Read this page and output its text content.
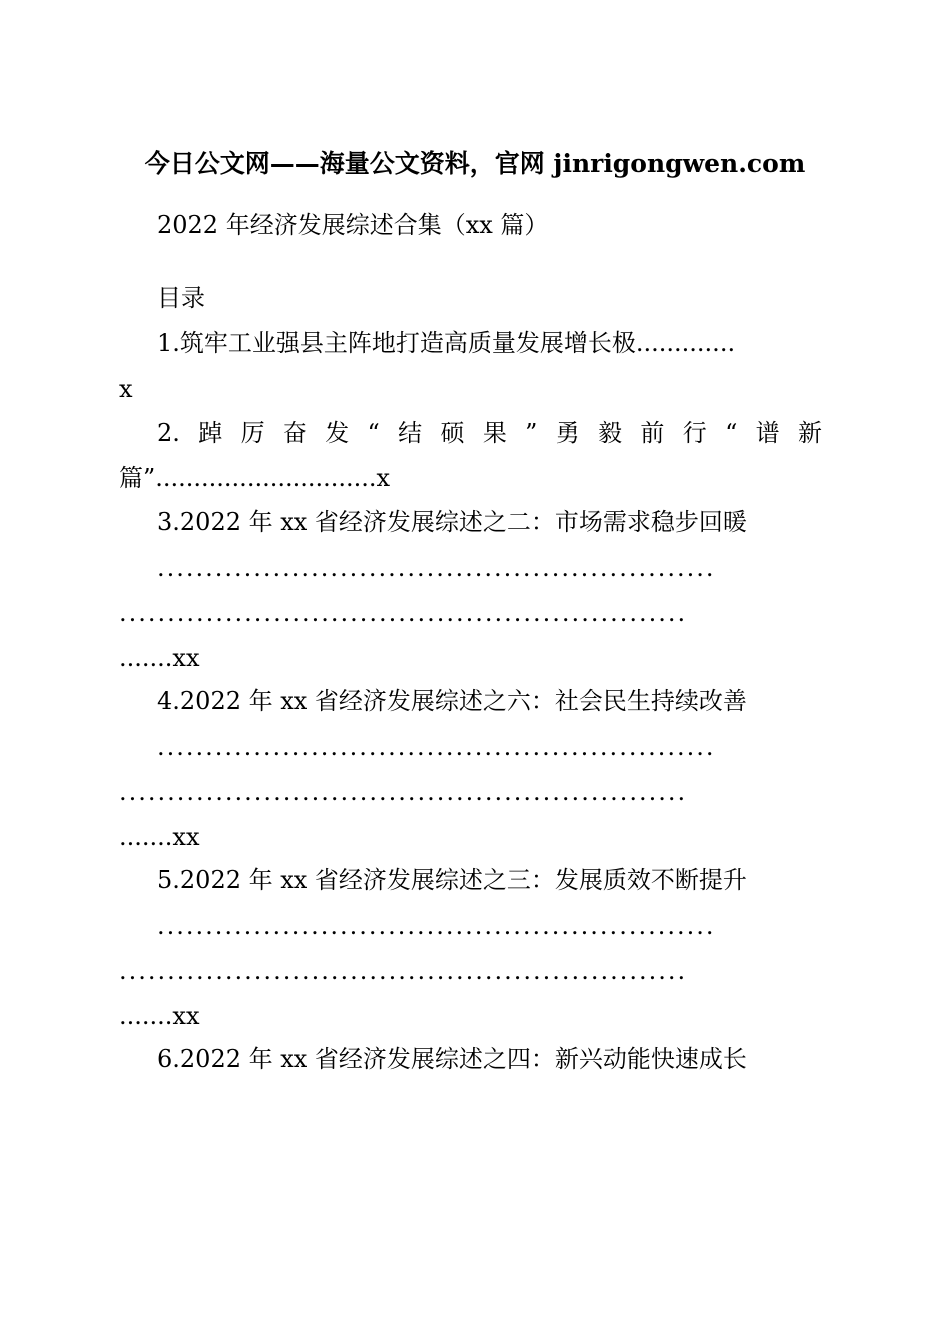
今日公文网——海量公文资料，官网 jinrigongwen.com
2022 年经济发展综述合集（xx 篇）
目录
1.筑牢工业强县主阵地打造高质量发展增长极.............
x
2. 踔 厉 奋 发 “ 结 硕 果 ” 勇 毅 前 行 “ 谱 新
篇”.............................x
3.2022 年 xx 省经济发展综述之二：市场需求稳步回暖
..........................................................
...........................................................
.......xx
4.2022 年 xx 省经济发展综述之六：社会民生持续改善
..........................................................
...........................................................
.......xx
5.2022 年 xx 省经济发展综述之三：发展质效不断提升
..........................................................
...........................................................
.......xx
6.2022 年 xx 省经济发展综述之四：新兴动能快速成长
